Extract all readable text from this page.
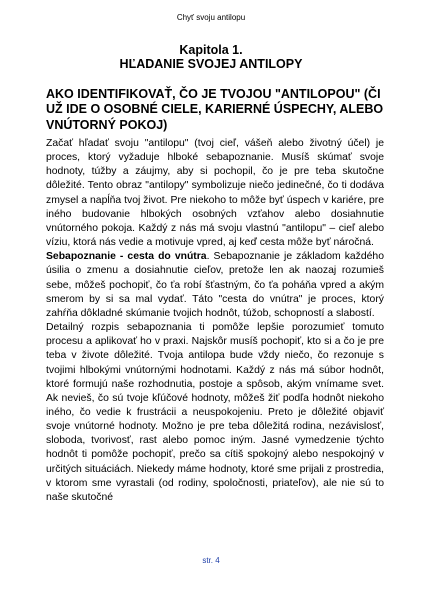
Chyť svoju antilopu
Kapitola 1.
HĽADANIE SVOJEJ ANTILOPY
AKO IDENTIFIKOVAŤ, ČO JE TVOJOU "ANTILOPOU" (ČI UŽ IDE O OSOBNÉ CIELE, KARIERNÉ ÚSPECHY, ALEBO VNÚTORNÝ POKOJ)

Začať hľadať svoju "antilopu" (tvoj cieľ, vášeň alebo životný účel) je proces, ktorý vyžaduje hlboké sebapoznanie. Musíš skúmať svoje hodnoty, túžby a záujmy, aby si pochopil, čo je pre teba skutočne dôležité. Tento obraz "antilopy" symbolizuje niečo jedinečné, čo ti dodáva zmysel a napĺňa tvoj život. Pre niekoho to môže byť úspech v kariére, pre iného budovanie hlbokých osobných vzťahov alebo dosiahnutie vnútorného pokoja. Každý z nás má svoju vlastnú "antilopu" – cieľ alebo víziu, ktorá nás vedie a motivuje vpred, aj keď cesta môže byť náročná.

Sebapoznanie - cesta do vnútra. Sebapoznanie je základom každého úsilia o zmenu a dosiahnutie cieľov, pretože len ak naozaj rozumieš sebe, môžeš pochopiť, čo ťa robí šťastným, čo ťa poháňa vpred a akým smerom by si sa mal vydať. Táto "cesta do vnútra" je proces, ktorý zahŕňa dôkladné skúmanie tvojich hodnôt, túžob, schopností a slabostí.

Detailný rozpis sebapoznania ti pomôže lepšie porozumieť tomuto procesu a aplikovať ho v praxi. Najskôr musíš pochopiť, kto si a čo je pre teba v živote dôležité. Tvoja antilopa bude vždy niečo, čo rezonuje s tvojimi hlbokými vnútornými hodnotami. Každý z nás má súbor hodnôt, ktoré formujú naše rozhodnutia, postoje a spôsob, akým vnímame svet. Ak nevieš, čo sú tvoje kľúčové hodnoty, môžeš žiť podľa hodnôt niekoho iného, čo vedie k frustrácii a neuspokojeniu. Preto je dôležité objaviť svoje vnútorné hodnoty. Možno je pre teba dôležitá rodina, nezávislosť, sloboda, tvorivosť, rast alebo pomoc iným. Jasné vymedzenie týchto hodnôt ti pomôže pochopiť, prečo sa cítiš spokojný alebo nespokojný v určitých situáciách. Niekedy máme hodnoty, ktoré sme prijali z prostredia, v ktorom sme vyrastali (od rodiny, spoločnosti, priateľov), ale nie sú to naše skutočné

str. 4
